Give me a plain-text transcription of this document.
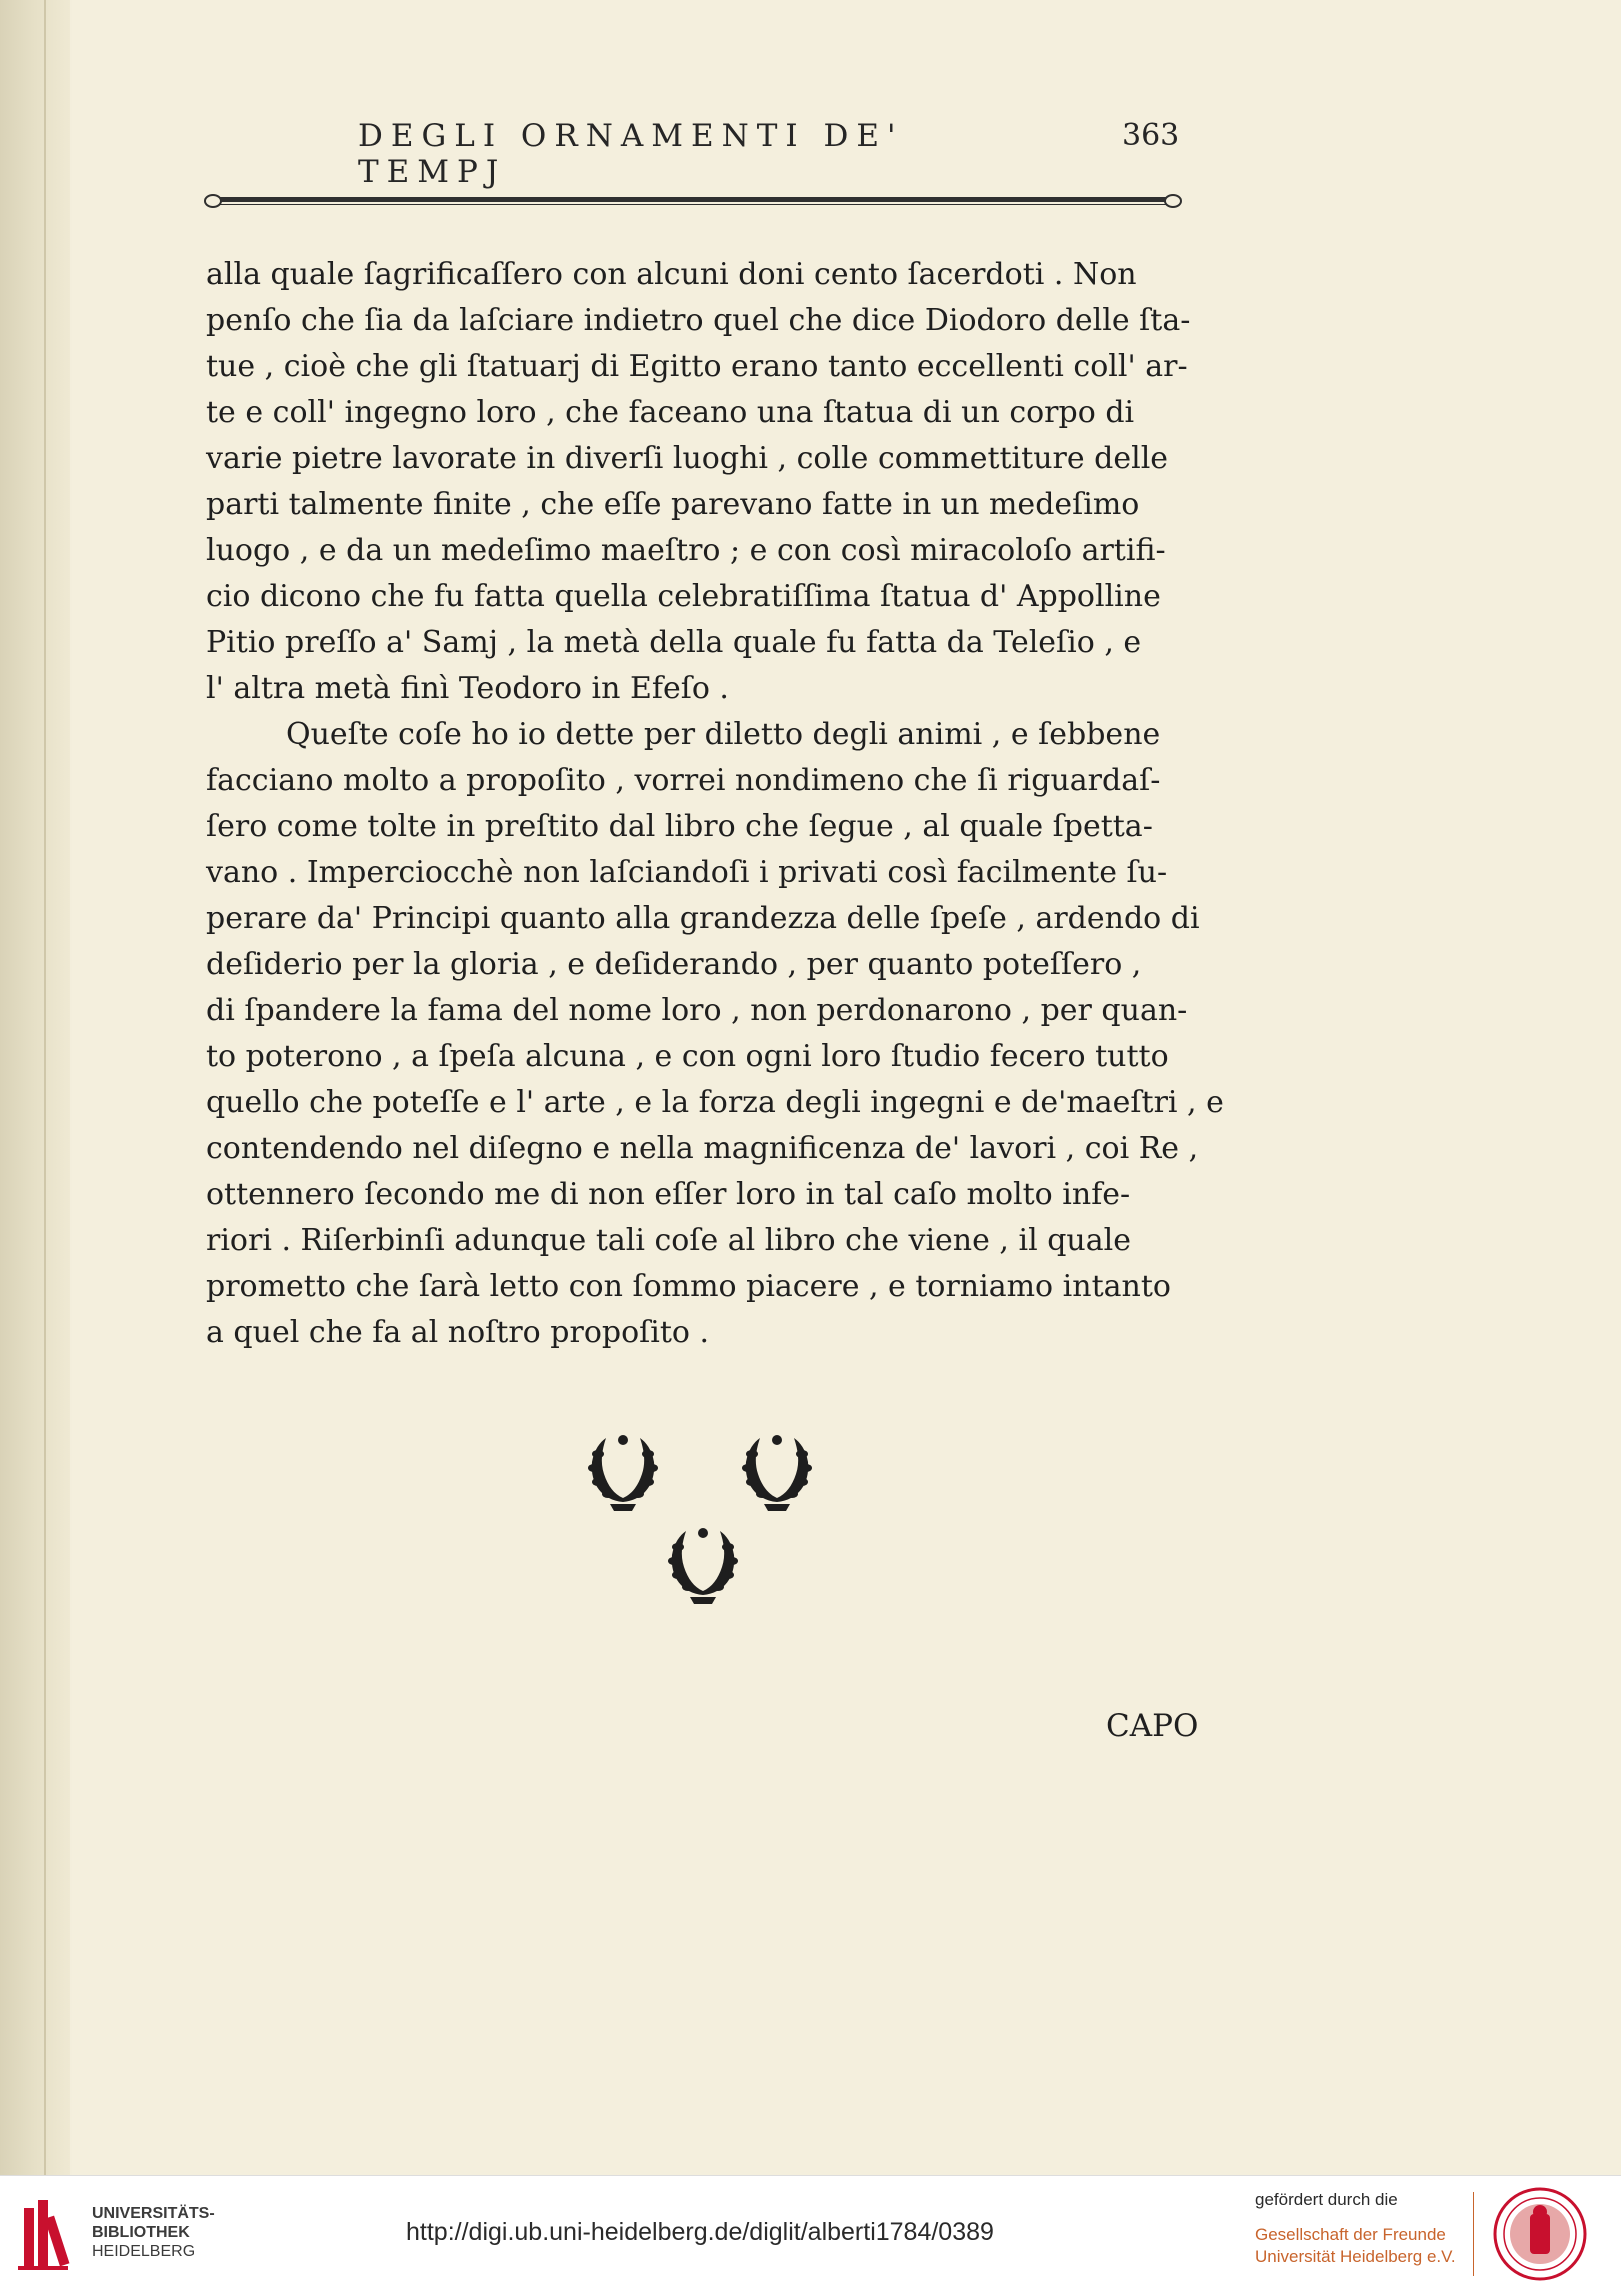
DEGLI ORNAMENTI DE' TEMPJ
363
alla quale ſagrificaſſero con alcuni doni cento ſacerdoti . Non
penſo che ſia da laſciare indietro quel che dice Diodoro delle ſta-
tue , cioè che gli ſtatuarj di Egitto erano tanto eccellenti coll' ar-
te e coll' ingegno loro , che faceano una ſtatua di un corpo di
varie pietre lavorate in diverſi luoghi , colle commettiture delle
parti talmente finite , che eſſe parevano fatte in un medeſimo
luogo , e da un medeſimo maeſtro ; e con così miracoloſo artifi-
cio dicono che fu fatta quella celebratiſſima ſtatua d' Appolline
Pitio preſſo a' Samj , la metà della quale fu fatta da Teleſio , e
l' altra metà finì Teodoro in Efeſo .
Queſte coſe ho io dette per diletto degli animi , e ſebbene
facciano molto a propoſito , vorrei nondimeno che ſi riguardaſ-
ſero come tolte in preſtito dal libro che ſegue , al quale ſpetta-
vano . Imperciocchè non laſciandoſi i privati così facilmente ſu-
perare da' Principi quanto alla grandezza delle ſpeſe , ardendo di
deſiderio per la gloria , e deſiderando , per quanto poteſſero ,
di ſpandere la fama del nome loro , non perdonarono , per quan-
to poterono , a ſpeſa alcuna , e con ogni loro ſtudio fecero tutto
quello che poteſſe e l' arte , e la forza degli ingegni e de'maeſtri , e
contendendo nel diſegno e nella magnificenza de' lavori , coi Re ,
ottennero ſecondo me di non eſſer loro in tal caſo molto infe-
riori . Riſerbinſi adunque tali coſe al libro che viene , il quale
prometto che ſarà letto con ſommo piacere , e torniamo intanto
a quel che fa al noſtro propoſito .
CAPO
UNIVERSITÄTS-
BIBLIOTHEK
HEIDELBERG
http://digi.ub.uni-heidelberg.de/diglit/alberti1784/0389
gefördert durch die
Gesellschaft der Freunde
Universität Heidelberg e.V.
